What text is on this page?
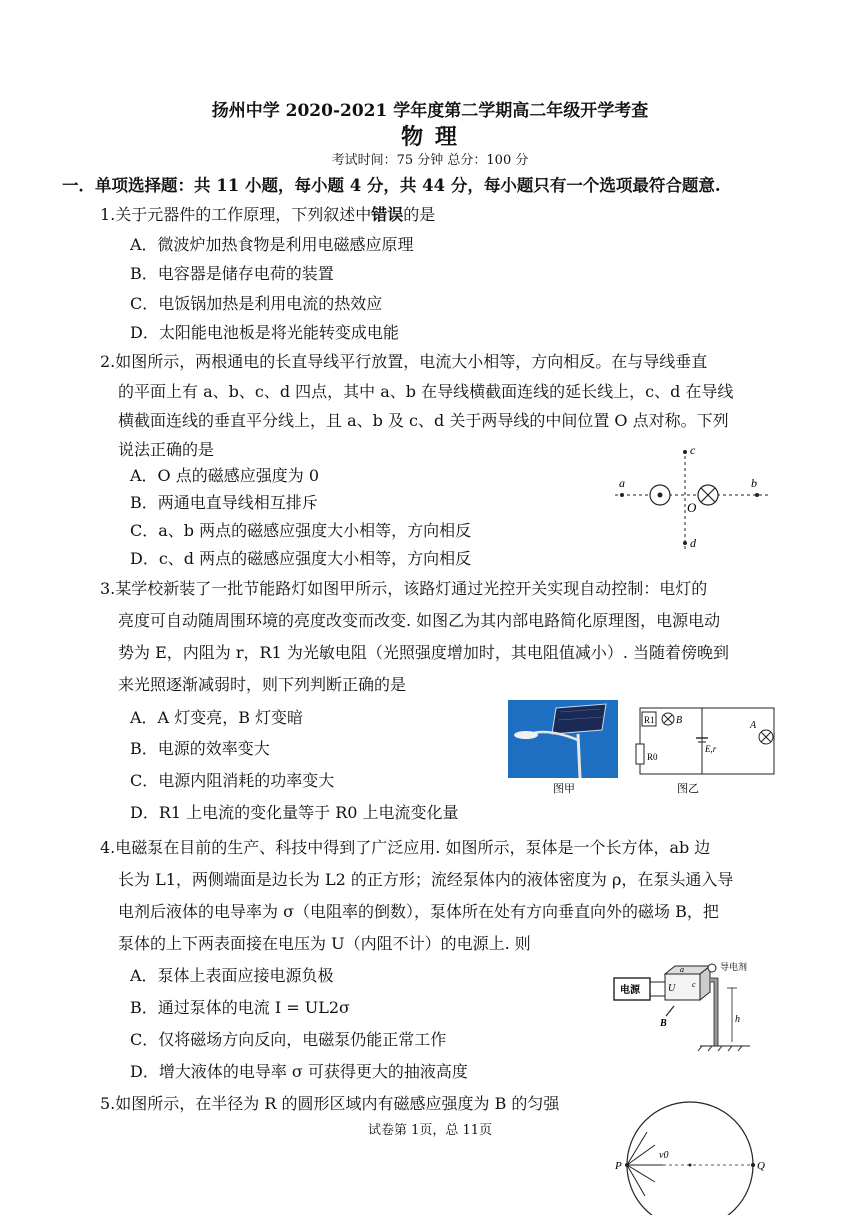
扬州中学 2020-2021 学年度第二学期高二年级开学考查
物 理
考试时间：75 分钟 总分：100 分
一．单项选择题：共 11 小题，每小题 4 分，共 44 分，每小题只有一个选项最符合题意.
1.关于元器件的工作原理，下列叙述中错误的是
A．微波炉加热食物是利用电磁感应原理
B．电容器是储存电荷的装置
C．电饭锅加热是利用电流的热效应
D．太阳能电池板是将光能转变成电能
2.如图所示，两根通电的长直导线平行放置，电流大小相等，方向相反。在与导线垂直
的平面上有 a、b、c、d 四点，其中 a、b 在导线横截面连线的延长线上，c、d 在导线
横截面连线的垂直平分线上，且 a、b 及 c、d 关于两导线的中间位置 O 点对称。下列
说法正确的是
A．O 点的磁感应强度为 0
B．两通电直导线相互排斥
C．a、b 两点的磁感应强度大小相等，方向相反
D．c、d 两点的磁感应强度大小相等，方向相反
a	b
c
d
O
3.某学校新装了一批节能路灯如图甲所示，该路灯通过光控开关实现自动控制：电灯的
亮度可自动随周围环境的亮度改变而改变. 如图乙为其内部电路简化原理图，电源电动
势为 E，内阻为 r，R1 为光敏电阻（光照强度增加时，其电阻值减小）. 当随着傍晚到
来光照逐渐减弱时，则下列判断正确的是
A．A 灯变亮，B 灯变暗
B．电源的效率变大
C．电源内阻消耗的功率变大
D．R1 上电流的变化量等于 R0 上电流变化量
图甲
R1 B
R0
E,r
A
图乙
4.电磁泵在目前的生产、科技中得到了广泛应用. 如图所示，泵体是一个长方体，ab 边
长为 L1，两侧端面是边长为 L2 的正方形；流经泵体内的液体密度为 ρ，在泵头通入导
电剂后液体的电导率为 σ（电阻率的倒数），泵体所在处有方向垂直向外的磁场 B，把
泵体的上下两表面接在电压为 U（内阻不计）的电源上. 则
A．泵体上表面应接电源负极
B．通过泵体的电流 I = UL2σ
C．仅将磁场方向反向，电磁泵仍能正常工作
D．增大液体的电导率 σ 可获得更大的抽液高度
电源	U
a
c
B
导电剂
h
5.如图所示，在半径为 R 的圆形区域内有磁感应强度为 B 的匀强
P	Q
v0
试卷第 1页，总 11页
